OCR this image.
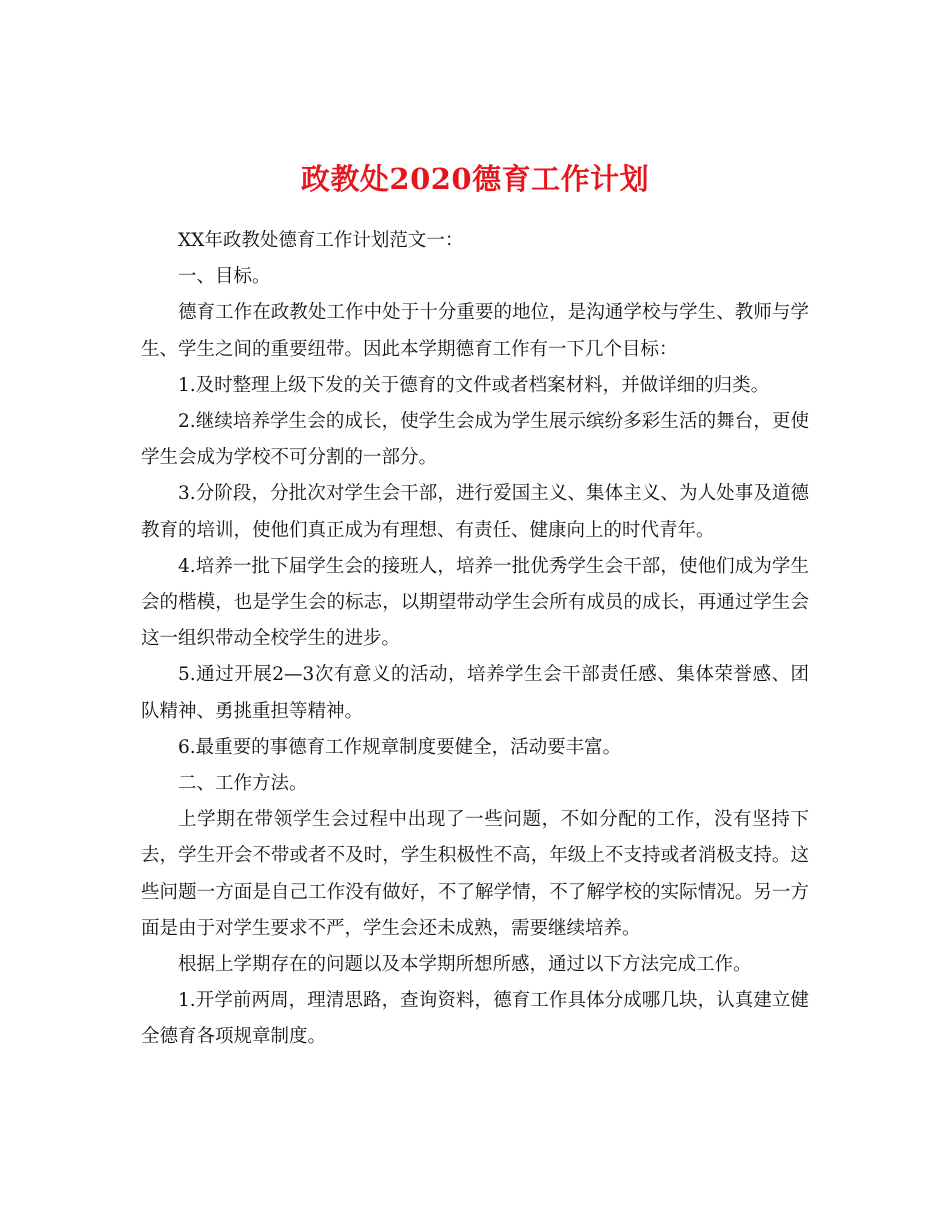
政教处2020德育工作计划

XX年政教处德育工作计划范文一：

一、目标。

德育工作在政教处工作中处于十分重要的地位，是沟通学校与学生、教师与学生、学生之间的重要纽带。因此本学期德育工作有一下几个目标：

1.及时整理上级下发的关于德育的文件或者档案材料，并做详细的归类。

2.继续培养学生会的成长，使学生会成为学生展示缤纷多彩生活的舞台，更使学生会成为学校不可分割的一部分。

3.分阶段，分批次对学生会干部，进行爱国主义、集体主义、为人处事及道德教育的培训，使他们真正成为有理想、有责任、健康向上的时代青年。

4.培养一批下届学生会的接班人，培养一批优秀学生会干部，使他们成为学生会的楷模，也是学生会的标志，以期望带动学生会所有成员的成长，再通过学生会这一组织带动全校学生的进步。

5.通过开展2—3次有意义的活动，培养学生会干部责任感、集体荣誉感、团队精神、勇挑重担等精神。

6.最重要的事德育工作规章制度要健全，活动要丰富。

二、工作方法。

上学期在带领学生会过程中出现了一些问题，不如分配的工作，没有坚持下去，学生开会不带或者不及时，学生积极性不高，年级上不支持或者消极支持。这些问题一方面是自己工作没有做好，不了解学情，不了解学校的实际情况。另一方面是由于对学生要求不严，学生会还未成熟，需要继续培养。

根据上学期存在的问题以及本学期所想所感，通过以下方法完成工作。

1.开学前两周，理清思路，查询资料，德育工作具体分成哪几块，认真建立健全德育各项规章制度。
